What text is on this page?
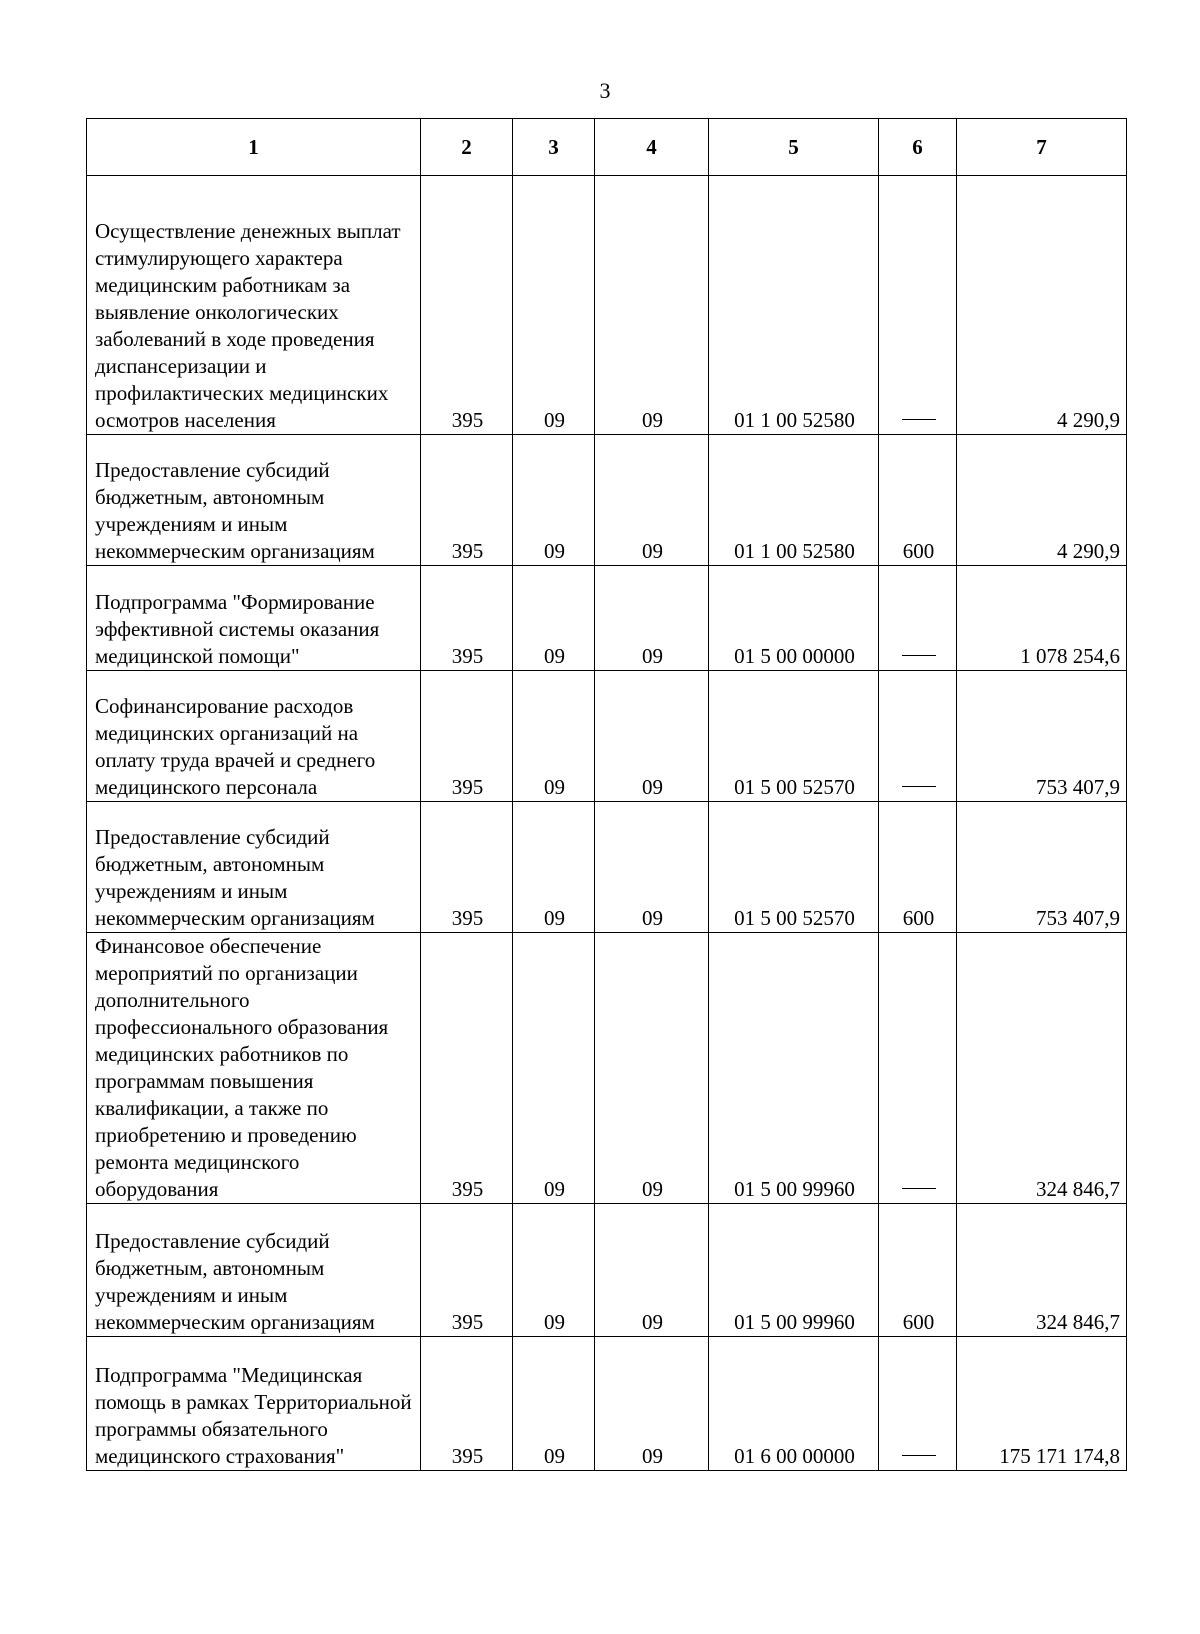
3
1	2	3	4	5	6	7
Осуществление денежных выплат стимулирующего характера медицинским работникам за выявление онкологических заболеваний в ходе проведения диспансеризации и профилактических медицинских осмотров населения	395	09	09	01 1 00 52580		4 290,9
Предоставление субсидий бюджетным, автономным учреждениям и иным некоммерческим организациям	395	09	09	01 1 00 52580	600	4 290,9
Подпрограмма "Формирование эффективной системы оказания медицинской помощи"	395	09	09	01 5 00 00000		1 078 254,6
Софинансирование расходов медицинских организаций на оплату труда врачей и среднего медицинского персонала	395	09	09	01 5 00 52570		753 407,9
Предоставление субсидий бюджетным, автономным учреждениям и иным некоммерческим организациям	395	09	09	01 5 00 52570	600	753 407,9
Финансовое обеспечение мероприятий по организации дополнительного профессионального образования медицинских работников по программам повышения квалификации, а также по приобретению и проведению ремонта медицинского оборудования	395	09	09	01 5 00 99960		324 846,7
Предоставление субсидий бюджетным, автономным учреждениям и иным некоммерческим организациям	395	09	09	01 5 00 99960	600	324 846,7
Подпрограмма "Медицинская помощь в рамках Территориальной программы обязательного медицинского страхования"	395	09	09	01 6 00 00000		175 171 174,8
